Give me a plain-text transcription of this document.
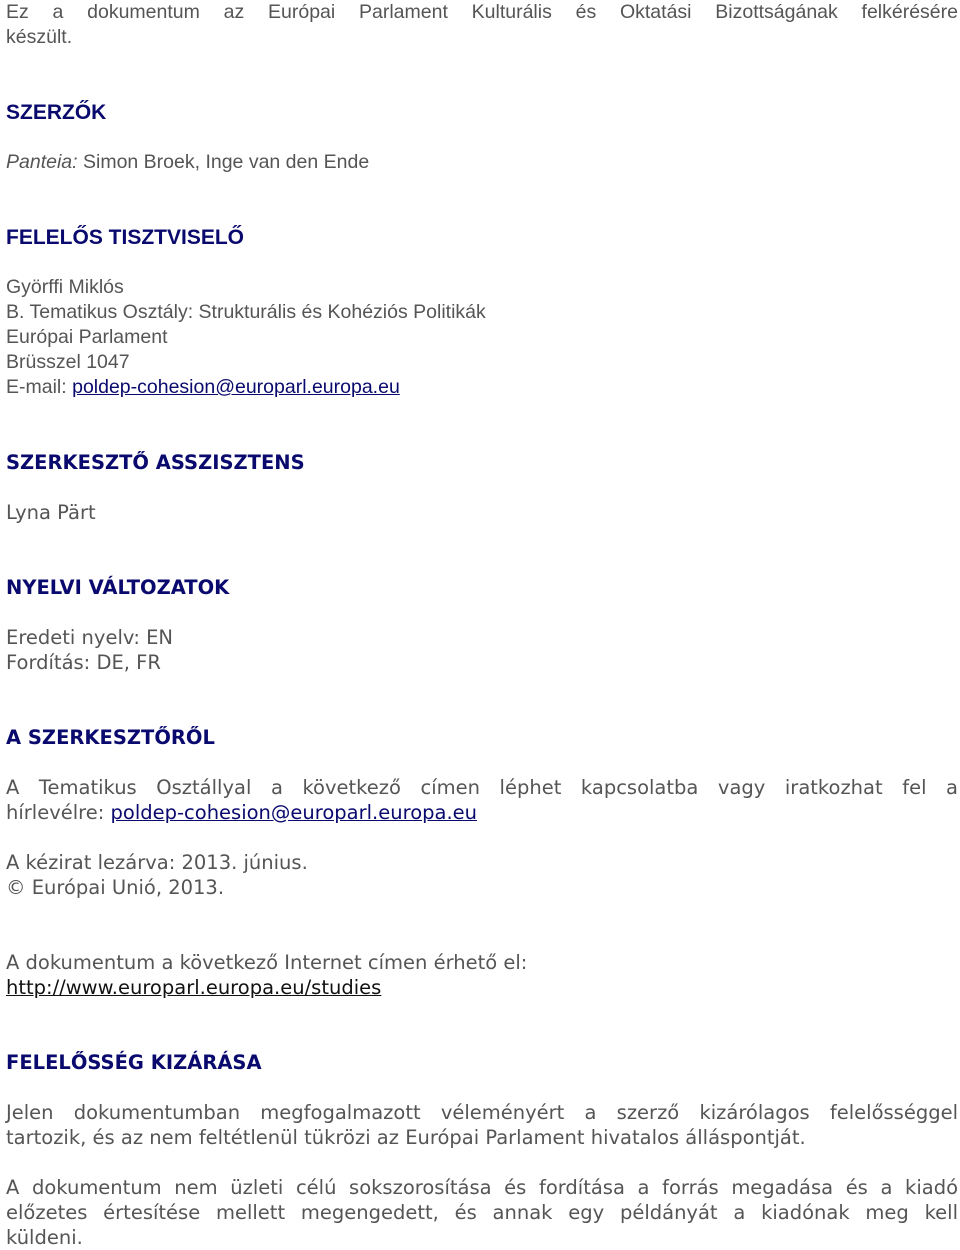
Ez a dokumentum az Európai Parlament Kulturális és Oktatási Bizottságának felkérésére
készült.
SZERZŐK
Panteia: Simon Broek, Inge van den Ende
FELELŐS TISZTVISELŐ
Györffi Miklós
B. Tematikus Osztály: Strukturális és Kohéziós Politikák
Európai Parlament
Brüsszel 1047
E-mail: poldep-cohesion@europarl.europa.eu
SZERKESZTŐ ASSZISZTENS
Lyna Pärt
NYELVI VÁLTOZATOK
Eredeti nyelv: EN
Fordítás: DE, FR
A SZERKESZTŐRŐL
A Tematikus Osztállyal a következő címen léphet kapcsolatba vagy iratkozhat fel a
hírlevélre: poldep-cohesion@europarl.europa.eu
A kézirat lezárva: 2013. június.
© Európai Unió, 2013.
A dokumentum a következő Internet címen érhető el:
http://www.europarl.europa.eu/studies
FELELŐSSÉG KIZÁRÁSA
Jelen dokumentumban megfogalmazott véleményért a szerző kizárólagos felelősséggel
tartozik, és az nem feltétlenül tükrözi az Európai Parlament hivatalos álláspontját.
A dokumentum nem üzleti célú sokszorosítása és fordítása a forrás megadása és a kiadó
előzetes értesítése mellett megengedett, és annak egy példányát a kiadónak meg kell
küldeni.
